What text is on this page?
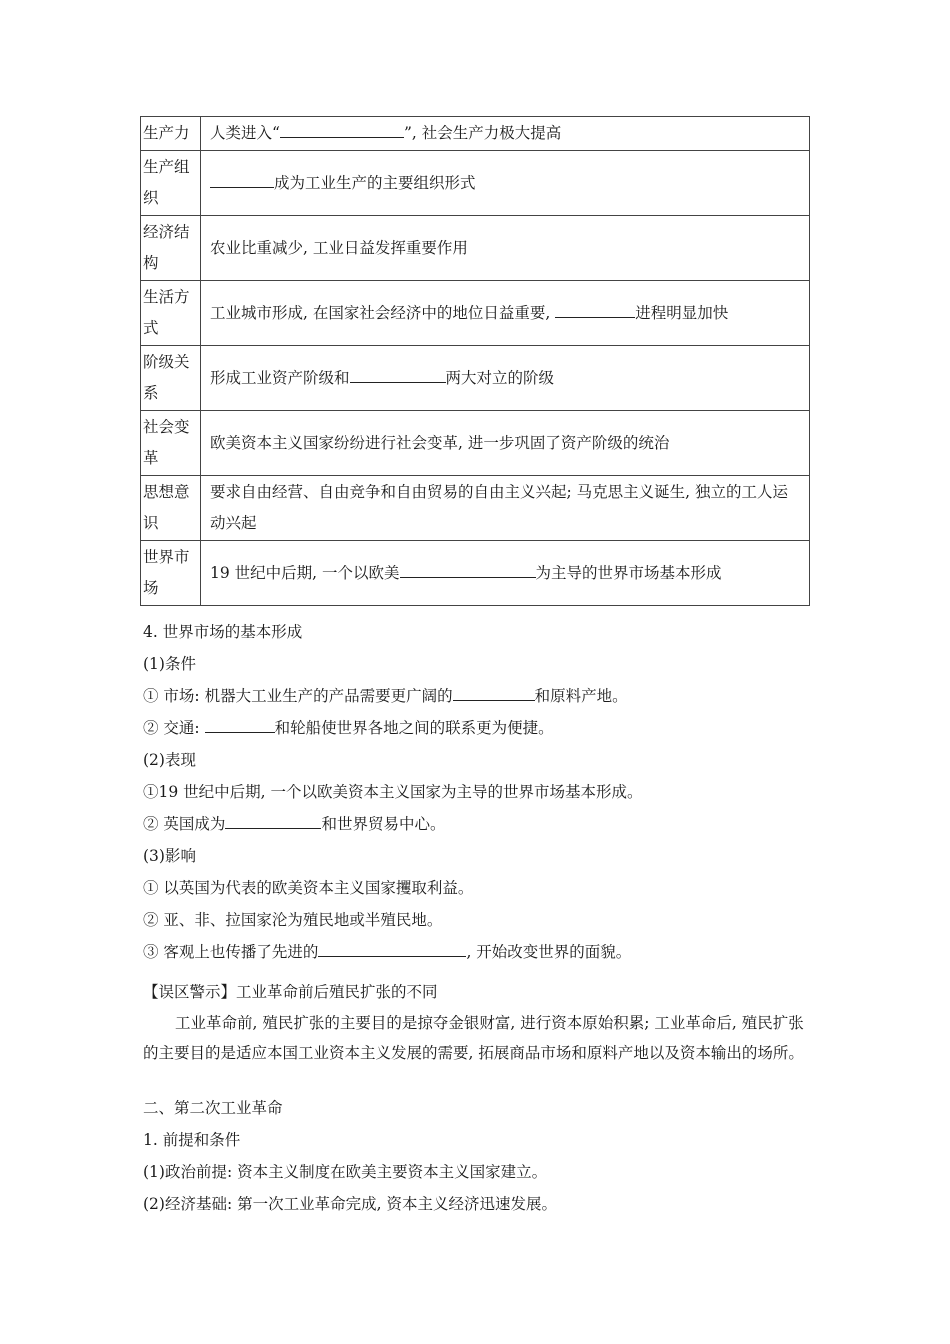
生产力	人类进入“ ”, 社会生产力极大提高
生产组织	成为工业生产的主要组织形式
经济结构	农业比重减少, 工业日益发挥重要作用
生活方式	工业城市形成, 在国家社会经济中的地位日益重要, 进程明显加快
阶级关系	形成工业资产阶级和 两大对立的阶级
社会变革	欧美资本主义国家纷纷进行社会变革, 进一步巩固了资产阶级的统治
思想意识	要求自由经营、自由竞争和自由贸易的自由主义兴起; 马克思主义诞生, 独立的工人运动兴起
世界市场	19 世纪中后期, 一个以欧美 为主导的世界市场基本形成
4. 世界市场的基本形成
(1)条件
① 市场: 机器大工业生产的产品需要更广阔的	和原料产地。
② 交通:	和轮船使世界各地之间的联系更为便捷。
(2)表现
①19 世纪中后期, 一个以欧美资本主义国家为主导的世界市场基本形成。
② 英国成为	和世界贸易中心。
(3)影响
① 以英国为代表的欧美资本主义国家攫取利益。
② 亚、非、拉国家沦为殖民地或半殖民地。
③ 客观上也传播了先进的	, 开始改变世界的面貌。
【误区警示】工业革命前后殖民扩张的不同
工业革命前, 殖民扩张的主要目的是掠夺金银财富, 进行资本原始积累; 工业革命后, 殖民扩张的主要目的是适应本国工业资本主义发展的需要, 拓展商品市场和原料产地以及资本输出的场所。
二、第二次工业革命
1. 前提和条件
(1)政治前提: 资本主义制度在欧美主要资本主义国家建立。
(2)经济基础: 第一次工业革命完成, 资本主义经济迅速发展。
